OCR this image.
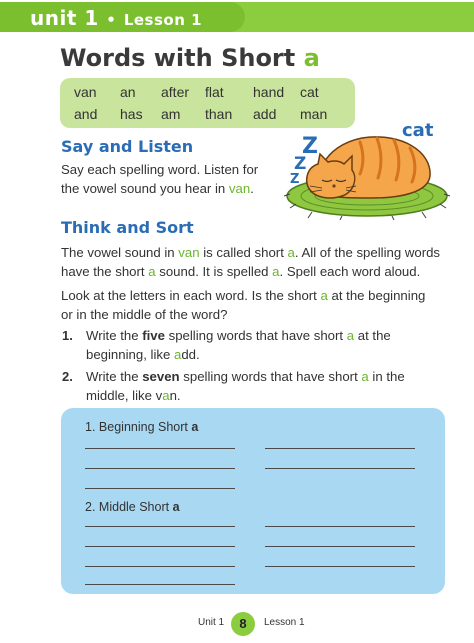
unit 1 • Lesson 1
Words with Short a
van an after flat hand cat
and has am than add man
Say and Listen
Say each spelling word. Listen for
the vowel sound you hear in van.
cat
Z
Z
Z
Think and Sort
The vowel sound in van is called short a. All of the spelling words
have the short a sound. It is spelled a. Spell each word aloud.
Look at the letters in each word. Is the short a at the beginning
or in the middle of the word?
1. Write the five spelling words that have short a at the
beginning, like add.
2. Write the seven spelling words that have short a in the
middle, like van.
1. Beginning Short a
2. Middle Short a
Unit 1	8	Lesson 1
